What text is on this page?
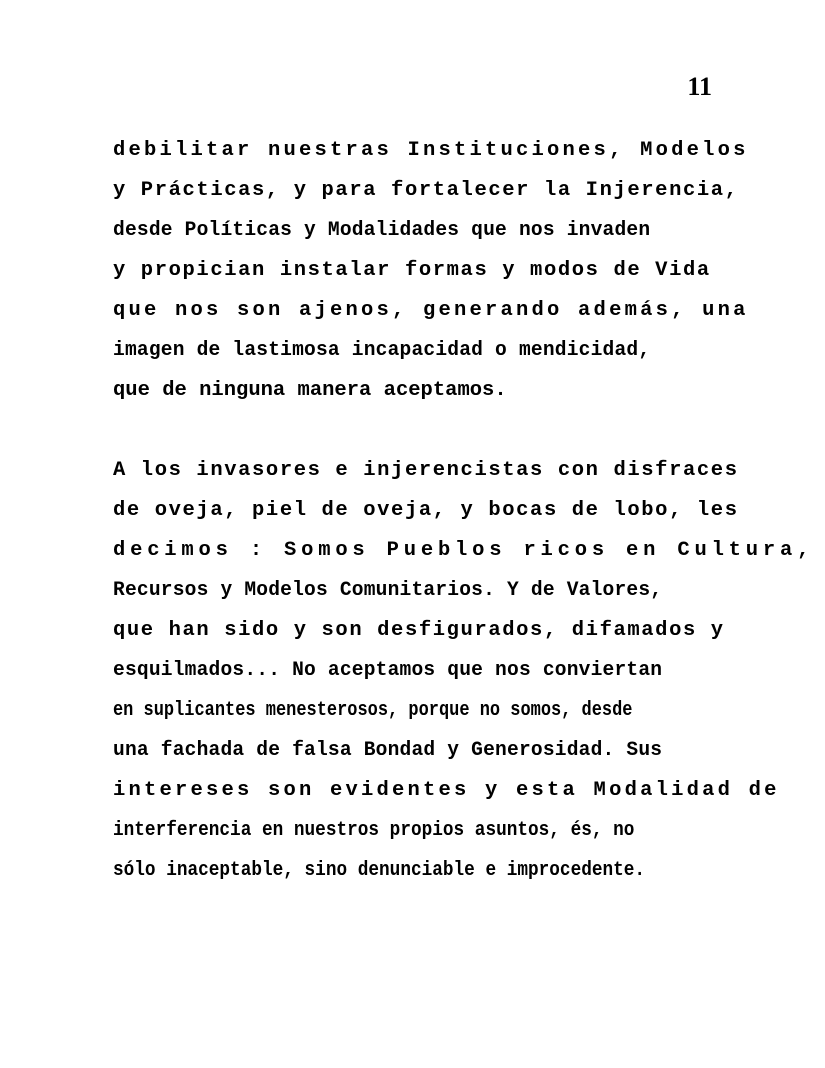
11
debilitar nuestras Instituciones, Modelos
y Prácticas, y para fortalecer la Injerencia,
desde Políticas y Modalidades que nos invaden
y propician instalar formas y modos de Vida
que nos son ajenos, generando además, una
imagen de lastimosa incapacidad o mendicidad,
que de ninguna manera aceptamos.
A los invasores e injerencistas con disfraces
de oveja, piel de oveja, y bocas de lobo, les
decimos : Somos Pueblos ricos en Cultura,
Recursos y Modelos Comunitarios. Y de Valores,
que han sido y son desfigurados, difamados y
esquilmados... No aceptamos que nos conviertan
en suplicantes menesterosos, porque no somos, desde
una fachada de falsa Bondad y Generosidad. Sus
intereses son evidentes y esta Modalidad de
interferencia en nuestros propios asuntos, és, no
sólo inaceptable, sino denunciable e improcedente.
